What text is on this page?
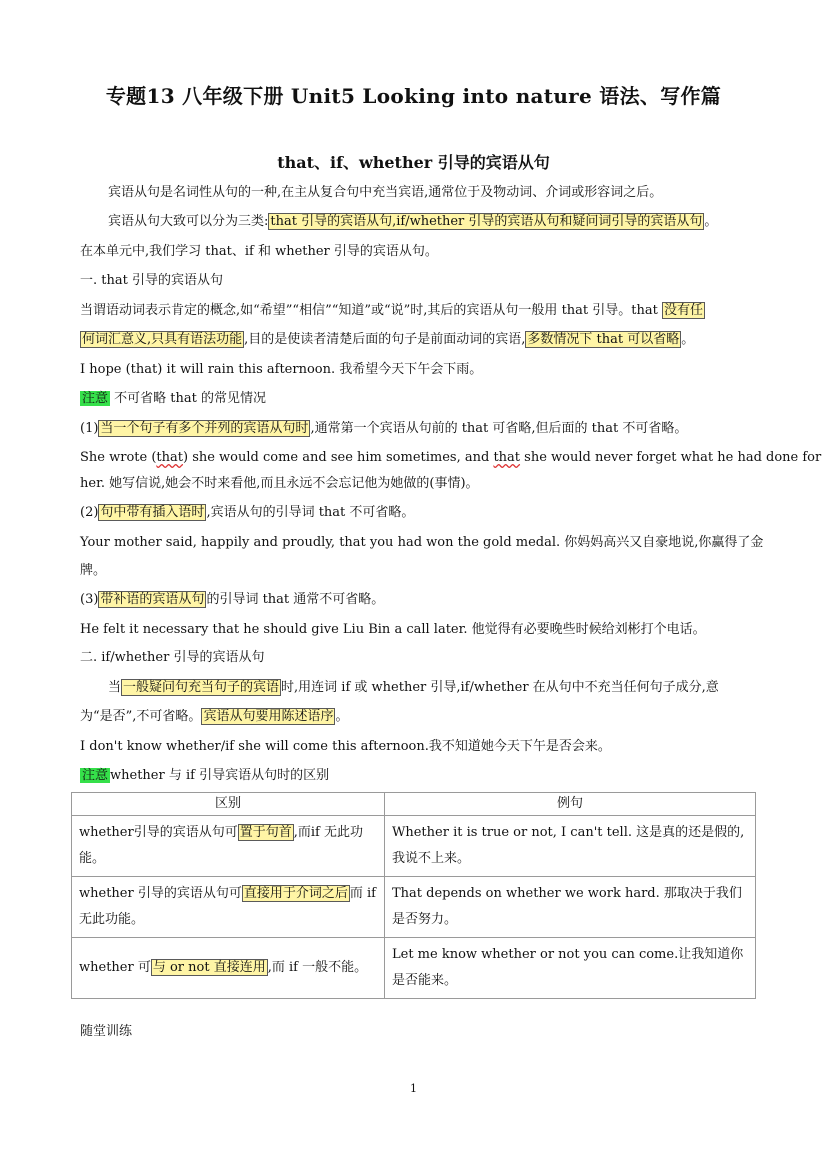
专题13 八年级下册 Unit5 Looking into nature 语法、写作篇
that、if、whether 引导的宾语从句
宾语从句是名词性从句的一种,在主从复合句中充当宾语,通常位于及物动词、介词或形容词之后。
宾语从句大致可以分为三类: that 引导的宾语从句,if/whether 引导的宾语从句和疑问词引导的宾语从句 。
在本单元中,我们学习 that、if 和 whether 引导的宾语从句。
一. that 引导的宾语从句
当谓语动词表示肯定的概念,如“希望”“相信”“知道”或“说”时,其后的宾语从句一般用 that 引导。that 没有任
何词汇意义,只具有语法功能 ,目的是使读者清楚后面的句子是前面动词的宾语, 多数情况下 that 可以省略 。
I hope (that) it will rain this afternoon. 我希望今天下午会下雨。
注意 不可省略 that 的常见情况
(1) 当一个句子有多个并列的宾语从句时 ,通常第一个宾语从句前的 that 可省略,但后面的 that 不可省略。
She wrote (that) she would come and see him sometimes, and that she would never forget what he had done for
her. 她写信说,她会不时来看他,而且永远不会忘记他为她做的(事情)。
(2) 句中带有插入语时 ,宾语从句的引导词 that 不可省略。
Your mother said, happily and proudly, that you had won the gold medal. 你妈妈高兴又自豪地说,你赢得了金
牌。
(3) 带补语的宾语从句 的引导词 that 通常不可省略。
He felt it necessary that he should give Liu Bin a call later. 他觉得有必要晚些时候给刘彬打个电话。
二. if/whether 引导的宾语从句
当 一般疑问句充当句子的宾语 时,用连词 if 或 whether 引导,if/whether 在从句中不充当任何句子成分,意
为“是否”,不可省略。 宾语从句要用陈述语序 。
I don't know whether/if she will come this afternoon.我不知道她今天下午是否会来。
注意 whether 与 if 引导宾语从句时的区别
区别	例句
whether引导的宾语从句可 置于句首 ,而if 无此功能。	Whether it is true or not, I can't tell. 这是真的还是假的,我说不上来。
whether 引导的宾语从句可 直接用于介词之后 而 if 无此功能。	That depends on whether we work hard. 那取决于我们是否努力。
whether 可 与 or not 直接连用 ,而 if 一般不能。	Let me know whether or not you can come.让我知道你是否能来。
随堂训练
1
